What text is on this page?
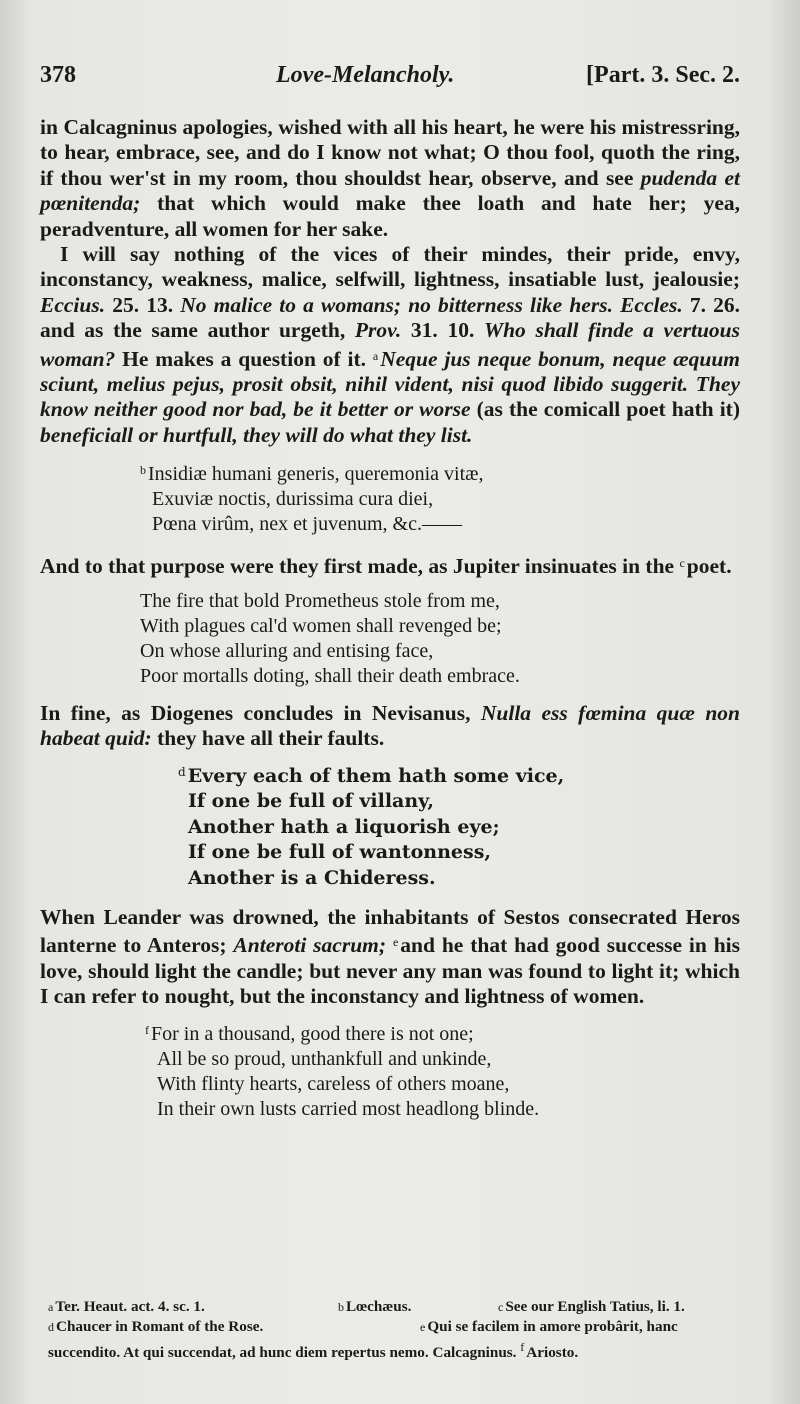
378	Love-Melancholy.	[Part. 3. Sec. 2.

in Calcagninus apologies, wished with all his heart, he were his mistressring, to hear, embrace, see, and do I know not what; O thou fool, quoth the ring, if thou wer'st in my room, thou shouldst hear, observe, and see pudenda et pœnitenda; that which would make thee loath and hate her; yea, peradventure, all women for her sake.

I will say nothing of the vices of their mindes, their pride, envy, inconstancy, weakness, malice, selfwill, lightness, insatiable lust, jealousie; Eccius. 25. 13. No malice to a womans; no bitterness like hers. Eccles. 7. 26. and as the same author urgeth, Prov. 31. 10. Who shall finde a vertuous woman? He makes a question of it. $^a$Neque jus neque bonum, neque æquum sciunt, melius pejus, prosit obsit, nihil vident, nisi quod libido suggerit. They know neither good nor bad, be it better or worse (as the comicall poet hath it) beneficiall or hurtfull, they will do what they list.

$^b$ Insidiæ humani generis, queremonia vitæ,
Exuviæ noctis, durissima cura diei,
Pœna virûm, nex et juvenum, &c.——

And to that purpose were they first made, as Jupiter insinuates in the $^c$poet.

The fire that bold Prometheus stole from me,
With plagues cal'd women shall revenged be;
On whose alluring and entising face,
Poor mortalls doting, shall their death embrace.

In fine, as Diogenes concludes in Nevisanus, Nulla ess fœmina quæ non habeat quid: they have all their faults.

$^d$ Every each of them hath some vice,
If one be full of villany,
Another hath a liquorish eye;
If one be full of wantonness,
Another is a Chideress.

When Leander was drowned, the inhabitants of Sestos consecrated Heros lanterne to Anteros; Anteroti sacrum; $^e$and he that had good successe in his love, should light the candle; but never any man was found to light it; which I can refer to nought, but the inconstancy and lightness of women.

$^f$ For in a thousand, good there is not one;
All be so proud, unthankfull and unkinde,
With flinty hearts, careless of others moane,
In their own lusts carried most headlong blinde.
$^a$ Ter. Heaut. act. 4. sc. 1.	$^b$ Lœchæus.	$^c$ See our English Tatius, li. 1.
$^d$ Chaucer in Romant of the Rose.	$^e$ Qui se facilem in amore probârit, hanc
succendito. At qui succendat, ad hunc diem repertus nemo. Calcagninus. $^f$ Ariosto.
